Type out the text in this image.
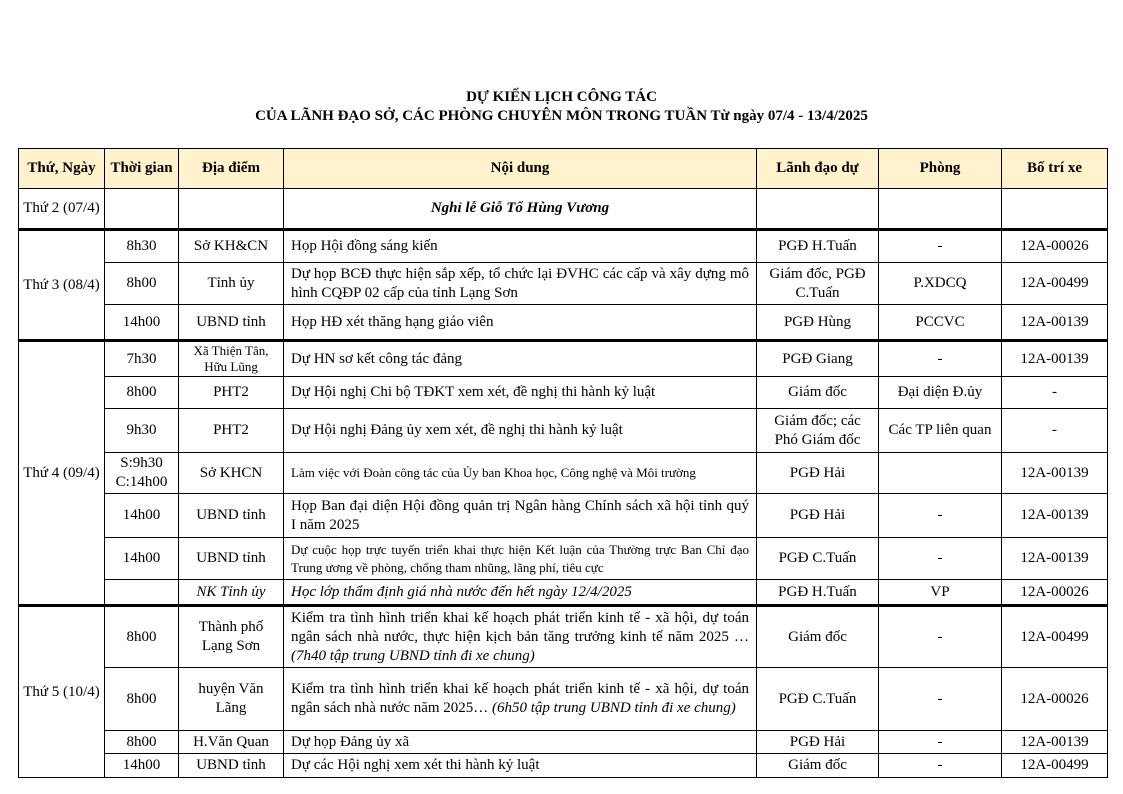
DỰ KIẾN LỊCH CÔNG TÁC
CỦA LÃNH ĐẠO SỞ, CÁC PHÒNG CHUYÊN MÔN TRONG TUẦN Từ ngày 07/4 - 13/4/2025
Thứ, Ngày	Thời gian	Địa điểm	Nội dung	Lãnh đạo dự	Phòng	Bố trí xe
Thứ 2 (07/4)			Nghỉ lễ Giỗ Tổ Hùng Vương			
Thứ 3 (08/4)	8h30	Sở KH&CN	Họp Hội đồng sáng kiến	PGĐ H.Tuấn	-	12A-00026
	8h00	Tỉnh ủy	Dự họp BCĐ thực hiện sắp xếp, tổ chức lại ĐVHC các cấp và xây dựng mô hình CQĐP 02 cấp của tỉnh Lạng Sơn	Giám đốc, PGĐ C.Tuấn	P.XDCQ	12A-00499
	14h00	UBND tỉnh	Họp HĐ xét thăng hạng giáo viên	PGĐ Hùng	PCCVC	12A-00139
Thứ 4 (09/4)	7h30	Xã Thiện Tân, Hữu Lũng	Dự HN sơ kết công tác đảng	PGĐ Giang	-	12A-00139
	8h00	PHT2	Dự Hội nghị Chi bộ TĐKT xem xét, đề nghị thi hành kỷ luật	Giám đốc	Đại diện Đ.ủy	-
	9h30	PHT2	Dự Hội nghị Đảng ủy xem xét, đề nghị thi hành kỷ luật	Giám đốc; các Phó Giám đốc	Các TP liên quan	-
	S:9h30 C:14h00	Sở KHCN	Làm việc với Đoàn công tác của Ủy ban Khoa học, Công nghệ và Môi trường	PGĐ Hải		12A-00139
	14h00	UBND tỉnh	Họp Ban đại diện Hội đồng quản trị Ngân hàng Chính sách xã hội tỉnh quý I năm 2025	PGĐ Hải	-	12A-00139
	14h00	UBND tỉnh	Dự cuộc họp trực tuyến triển khai thực hiện Kết luận của Thường trực Ban Chỉ đạo Trung ương về phòng, chống tham nhũng, lãng phí, tiêu cực	PGĐ C.Tuấn	-	12A-00139
		NK Tỉnh ủy	Học lớp thẩm định giá nhà nước đến hết ngày 12/4/2025	PGĐ H.Tuấn	VP	12A-00026
Thứ 5 (10/4)	8h00	Thành phố Lạng Sơn	Kiểm tra tình hình triển khai kế hoạch phát triển kinh tế - xã hội, dự toán ngân sách nhà nước, thực hiện kịch bản tăng trưởng kinh tế năm 2025 … (7h40 tập trung UBND tỉnh đi xe chung)	Giám đốc	-	12A-00499
	8h00	huyện Văn Lãng	Kiểm tra tình hình triển khai kế hoạch phát triển kinh tế - xã hội, dự toán ngân sách nhà nước năm 2025… (6h50 tập trung UBND tỉnh đi xe chung)	PGĐ C.Tuấn	-	12A-00026
	8h00	H.Văn Quan	Dự họp Đảng ủy xã	PGĐ Hải	-	12A-00139
	14h00	UBND tỉnh	Dự các Hội nghị xem xét thi hành kỷ luật	Giám đốc	-	12A-00499
